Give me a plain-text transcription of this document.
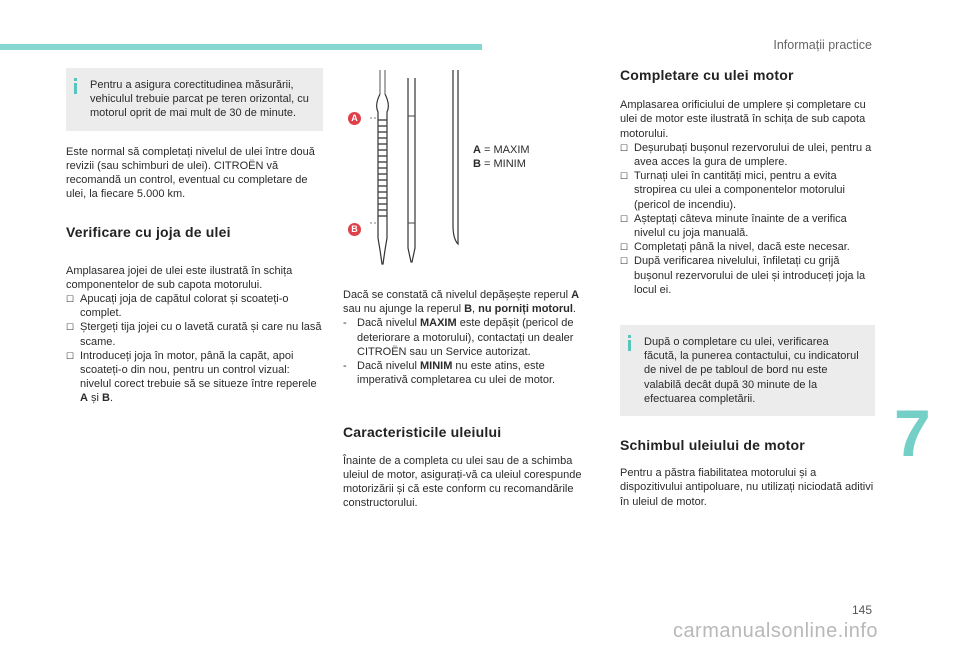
Informații practice

Pentru a asigura corectitudinea măsurării, vehiculul trebuie parcat pe teren orizontal, cu motorul oprit de mai mult de 30 de minute.

Este normal să completați nivelul de ulei între două revizii (sau schimburi de ulei). CITROËN vă recomandă un control, eventual cu completare de ulei, la fiecare 5.000 km.

Verificare cu joja de ulei

Amplasarea jojei de ulei este ilustrată în schița componentelor de sub capota motorului.

☐ Apucați joja de capătul colorat și scoateți-o complet.
☐ Ștergeți tija jojei cu o lavetă curată și care nu lasă scame.
☐ Introduceți joja în motor, până la capăt, apoi scoateți-o din nou, pentru un control vizual: nivelul corect trebuie să se situeze între reperele A și B.
A
B
A = MAXIM
B = MINIM

Dacă se constată că nivelul depășește reperul A sau nu ajunge la reperul B, nu porniți motorul.

- Dacă nivelul MAXIM este depășit (pericol de deteriorare a motorului), contactați un dealer CITROËN sau un Service autorizat.
- Dacă nivelul MINIM nu este atins, este imperativă completarea cu ulei de motor.
Caracteristicile uleiului

Înainte de a completa cu ulei sau de a schimba uleiul de motor, asigurați-vă ca uleiul corespunde motorizării și că este conform cu recomandările constructorului.

Completare cu ulei motor

Amplasarea orificiului de umplere și completare cu ulei de motor este ilustrată în schița de sub capota motorului.

☐ Deșurubați bușonul rezervorului de ulei, pentru a avea acces la gura de umplere.
☐ Turnați ulei în cantități mici, pentru a evita stropirea cu ulei a componentelor motorului (pericol de incendiu).
☐ Așteptați câteva minute înainte de a verifica nivelul cu joja manuală.
☐ Completați până la nivel, dacă este necesar.
☐ După verificarea nivelului, înfiletați cu grijă bușonul rezervorului de ulei și introduceți joja la locul ei.

După o completare cu ulei, verificarea făcută, la punerea contactului, cu indicatorul de nivel de pe tabloul de bord nu este valabilă decât după 30 minute de la efectuarea completării.

Schimbul uleiului de motor

Pentru a păstra fiabilitatea motorului și a dispozitivului antipoluare, nu utilizați niciodată aditivi în uleiul de motor.

7
145
carmanualsonline.info
